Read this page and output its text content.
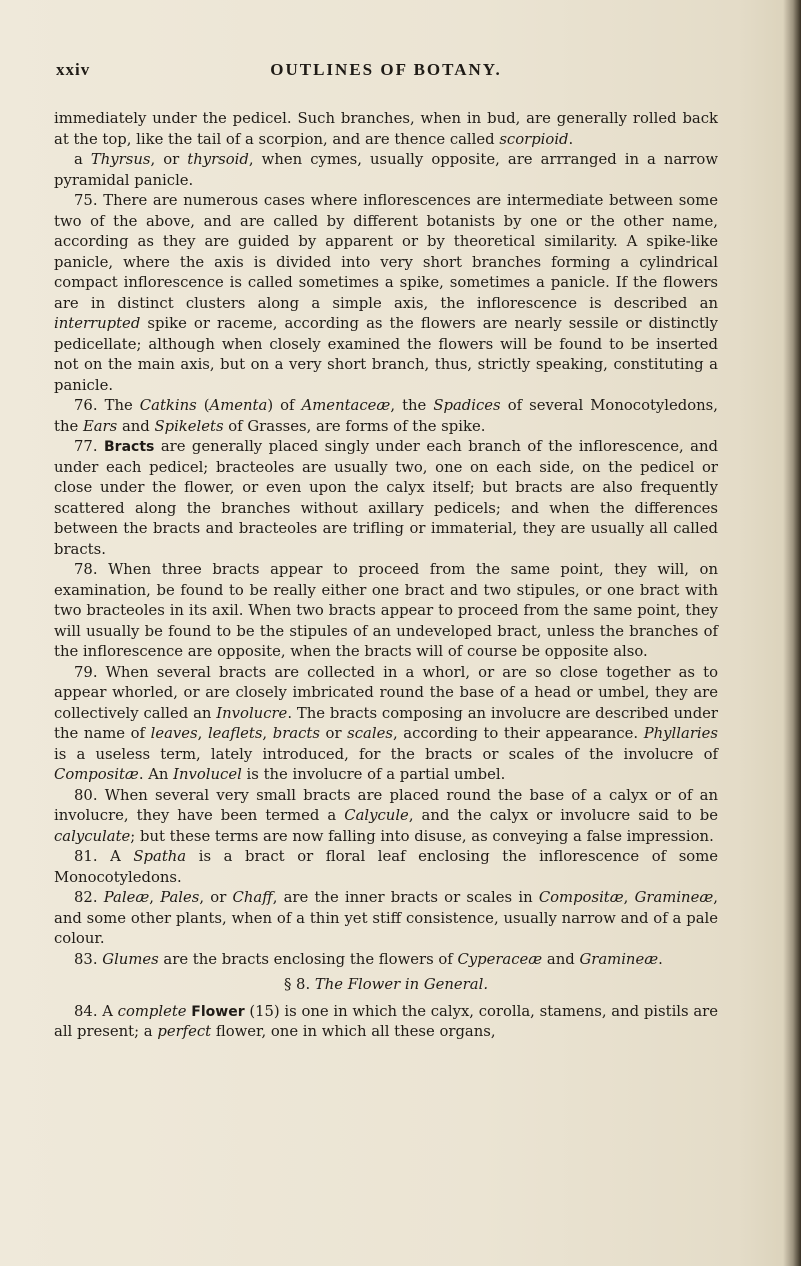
xxiv	OUTLINES OF BOTANY.

immediately under the pedicel. Such branches, when in bud, are generally rolled back at the top, like the tail of a scorpion, and are thence called scorpioid.

a Thyrsus, or thyrsoid, when cymes, usually opposite, are arrranged in a narrow pyramidal panicle.

75. There are numerous cases where inflorescences are intermediate between some two of the above, and are called by different botanists by one or the other name, according as they are guided by apparent or by theoretical similarity. A spike-like panicle, where the axis is divided into very short branches forming a cylindrical compact inflorescence is called sometimes a spike, sometimes a panicle. If the flowers are in distinct clusters along a simple axis, the inflorescence is described an interrupted spike or raceme, according as the flowers are nearly sessile or distinctly pedicellate; although when closely examined the flowers will be found to be inserted not on the main axis, but on a very short branch, thus, strictly speaking, constituting a panicle.

76. The Catkins (Amenta) of Amentaceæ, the Spadices of several Monocotyledons, the Ears and Spikelets of Grasses, are forms of the spike.

77. Bracts are generally placed singly under each branch of the inflorescence, and under each pedicel; bracteoles are usually two, one on each side, on the pedicel or close under the flower, or even upon the calyx itself; but bracts are also frequently scattered along the branches without axillary pedicels; and when the differences between the bracts and bracteoles are trifling or immaterial, they are usually all called bracts.

78. When three bracts appear to proceed from the same point, they will, on examination, be found to be really either one bract and two stipules, or one bract with two bracteoles in its axil. When two bracts appear to proceed from the same point, they will usually be found to be the stipules of an undeveloped bract, unless the branches of the inflorescence are opposite, when the bracts will of course be opposite also.

79. When several bracts are collected in a whorl, or are so close together as to appear whorled, or are closely imbricated round the base of a head or umbel, they are collectively called an Involucre. The bracts composing an involucre are described under the name of leaves, leaflets, bracts or scales, according to their appearance. Phyllaries is a useless term, lately introduced, for the bracts or scales of the involucre of Compositæ. An Involucel is the involucre of a partial umbel.

80. When several very small bracts are placed round the base of a calyx or of an involucre, they have been termed a Calycule, and the calyx or involucre said to be calyculate; but these terms are now falling into disuse, as conveying a false impression.

81. A Spatha is a bract or floral leaf enclosing the inflorescence of some Monocotyledons.

82. Paleæ, Pales, or Chaff, are the inner bracts or scales in Compositæ, Gramineæ, and some other plants, when of a thin yet stiff consistence, usually narrow and of a pale colour.

83. Glumes are the bracts enclosing the flowers of Cyperaceæ and Gramineæ.

§ 8. The Flower in General.

84. A complete Flower (15) is one in which the calyx, corolla, stamens, and pistils are all present; a perfect flower, one in which all these organs,
